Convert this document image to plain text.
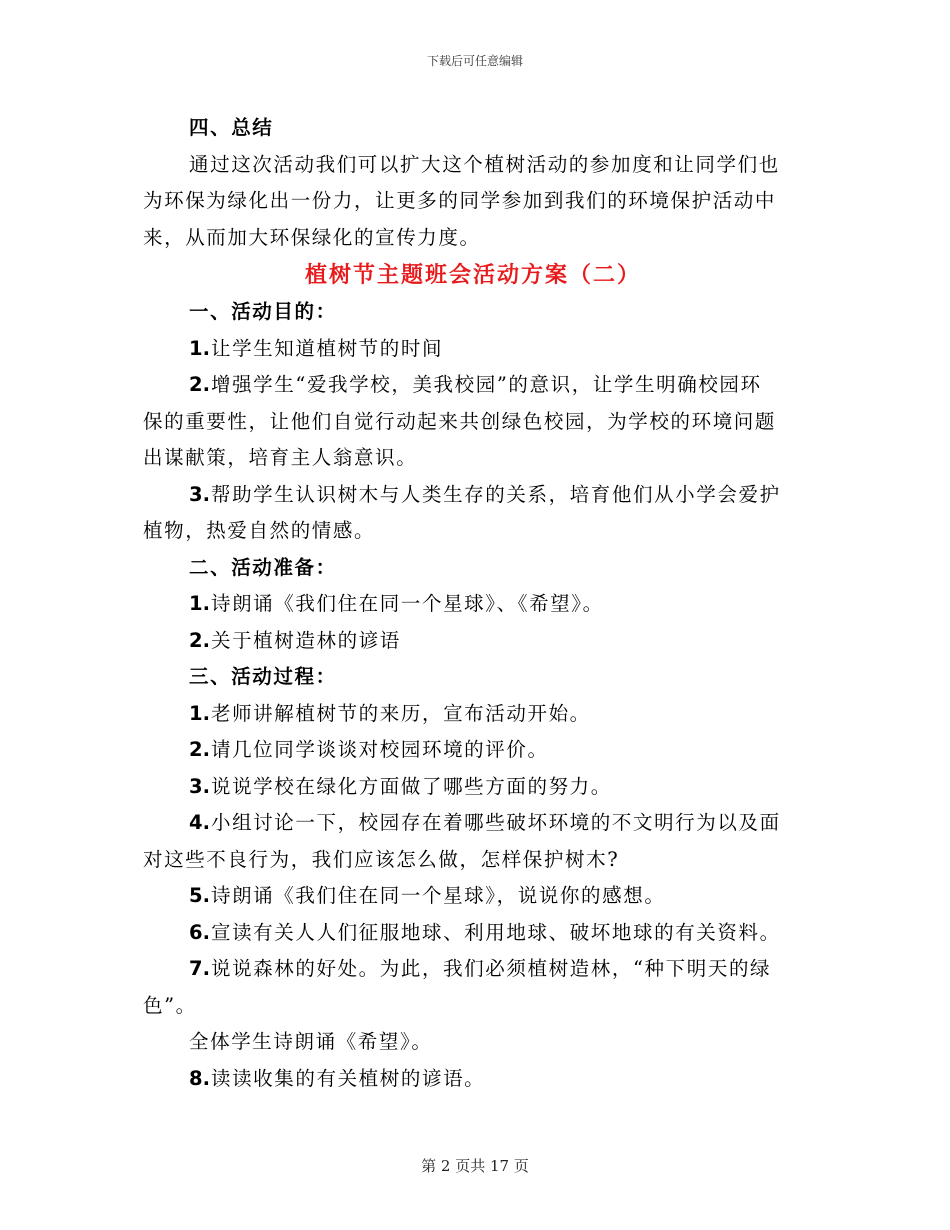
下载后可任意编辑
四、总结
通过这次活动我们可以扩大这个植树活动的参加度和让同学们也
为环保为绿化出一份力，让更多的同学参加到我们的环境保护活动中
来，从而加大环保绿化的宣传力度。
植树节主题班会活动方案（二）
一、活动目的：
1.让学生知道植树节的时间
2.增强学生“爱我学校，美我校园”的意识，让学生明确校园环
保的重要性，让他们自觉行动起来共创绿色校园，为学校的环境问题
出谋献策，培育主人翁意识。
3.帮助学生认识树木与人类生存的关系，培育他们从小学会爱护
植物，热爱自然的情感。
二、活动准备：
1.诗朗诵《我们住在同一个星球》、《希望》。
2.关于植树造林的谚语
三、活动过程：
1.老师讲解植树节的来历，宣布活动开始。
2.请几位同学谈谈对校园环境的评价。
3.说说学校在绿化方面做了哪些方面的努力。
4.小组讨论一下，校园存在着哪些破坏环境的不文明行为以及面
对这些不良行为，我们应该怎么做，怎样保护树木?
5.诗朗诵《我们住在同一个星球》，说说你的感想。
6.宣读有关人人们征服地球、利用地球、破坏地球的有关资料。
7.说说森林的好处。为此，我们必须植树造林，“种下明天的绿
色”。
全体学生诗朗诵《希望》。
8.读读收集的有关植树的谚语。
第 2 页共 17 页
